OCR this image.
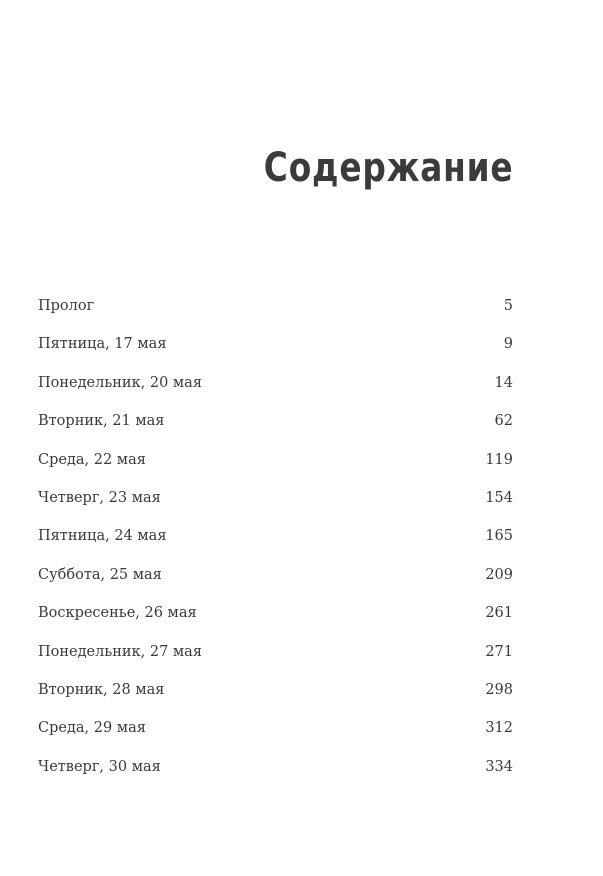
Содержание
Пролог . . .	5
Пятница, 17 мая . . .	9
Понедельник, 20 мая . . .	14
Вторник, 21 мая . . .	62
Среда, 22 мая . . .	119
Четверг, 23 мая . . .	154
Пятница, 24 мая . . .	165
Суббота, 25 мая . . .	209
Воскресенье, 26 мая . . .	261
Понедельник, 27 мая . . .	271
Вторник, 28 мая . . .	298
Среда, 29 мая . . .	312
Четверг, 30 мая . . .	334
